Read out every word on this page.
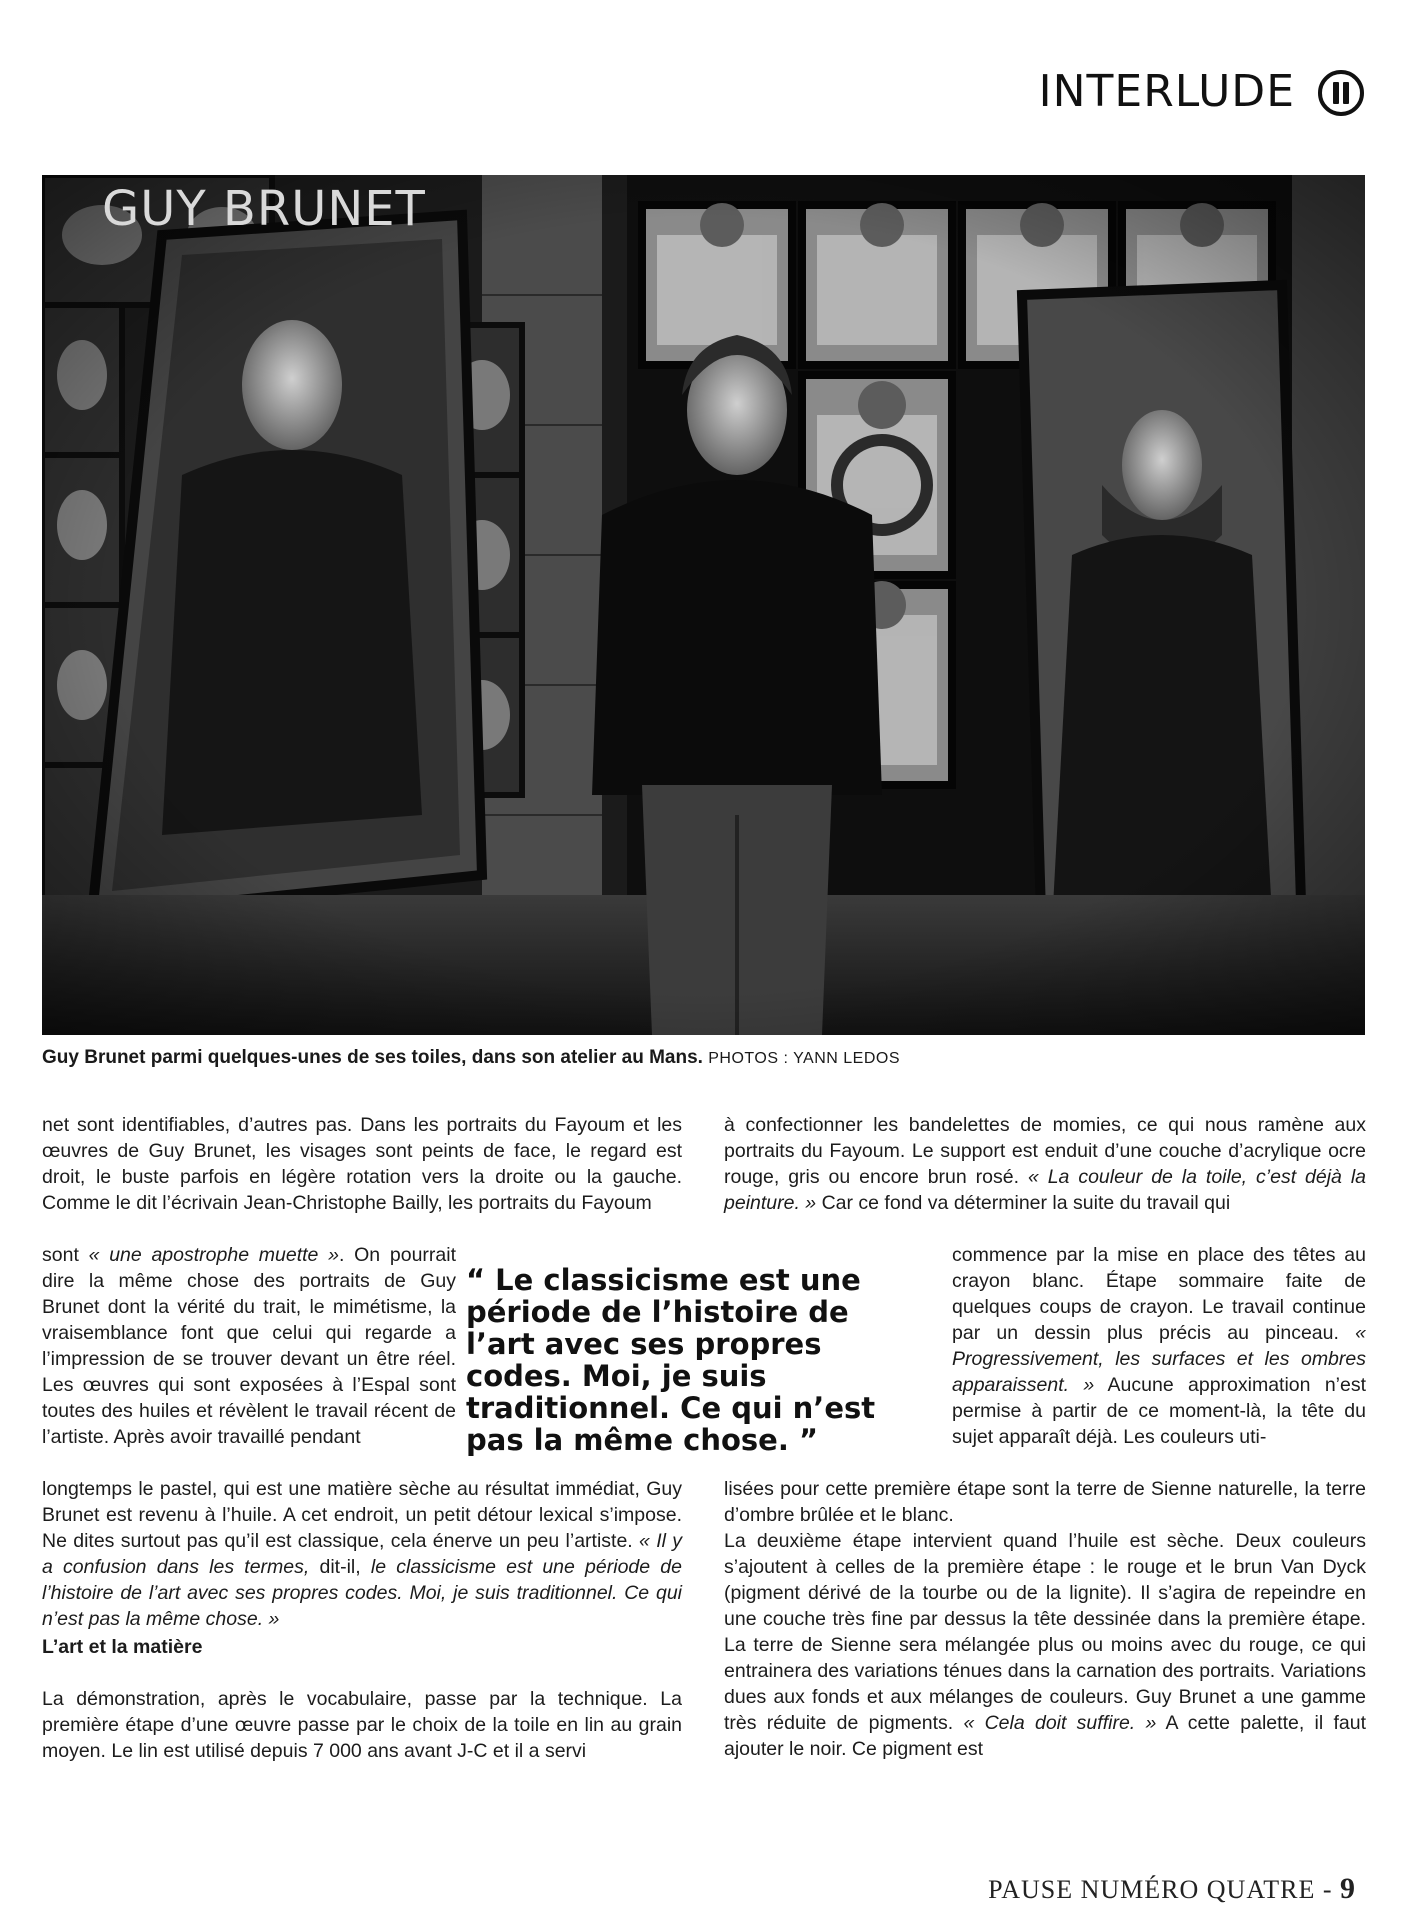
INTERLUDE
GUY BRUNET
Guy Brunet parmi quelques-unes de ses toiles, dans son atelier au Mans. PHOTOS : YANN LEDOS

net sont identifiables, d’autres pas. Dans les portraits du Fayoum et les œuvres de Guy Brunet, les visages sont peints de face, le regard est droit, le buste parfois en légère rotation vers la droite ou la gauche. Comme le dit l’écrivain Jean-Christophe Bailly, les portraits du Fayoum

sont « une apostrophe muette ». On pourrait dire la même chose des portraits de Guy Brunet dont la vérité du trait, le mimétisme, la vraisemblance font que celui qui regarde a l’impression de se trouver devant un être réel. Les œuvres qui sont exposées à l’Espal sont toutes des huiles et révèlent le travail récent de l’artiste. Après avoir travaillé pendant

longtemps le pastel, qui est une matière sèche au résultat immédiat, Guy Brunet est revenu à l’huile. A cet endroit, un petit détour lexical s’impose. Ne dites surtout pas qu’il est classique, cela énerve un peu l’artiste. « Il y a confusion dans les termes, dit-il, le classicisme est une période de l’histoire de l’art avec ses propres codes. Moi, je suis traditionnel. Ce qui n’est pas la même chose. »

L’art et la matière

La démonstration, après le vocabulaire, passe par la technique. La première étape d’une œuvre passe par le choix de la toile en lin au grain moyen. Le lin est utilisé depuis 7 000 ans avant J-C et il a servi

“ Le classicisme est une période de l’histoire de l’art avec ses propres codes. Moi, je suis traditionnel. Ce qui n’est pas la même chose. ”

à confectionner les bandelettes de momies, ce qui nous ramène aux portraits du Fayoum. Le support est enduit d’une couche d’acrylique ocre rouge, gris ou encore brun rosé. « La couleur de la toile, c’est déjà la peinture. » Car ce fond va déterminer la suite du travail qui

commence par la mise en place des têtes au crayon blanc. Étape sommaire faite de quelques coups de crayon. Le travail continue par un dessin plus précis au pinceau. « Progressivement, les surfaces et les ombres apparaissent. » Aucune approximation n’est permise à partir de ce moment-là, la tête du sujet apparaît déjà. Les couleurs uti-

lisées pour cette première étape sont la terre de Sienne naturelle, la terre d’ombre brûlée et le blanc.

La deuxième étape intervient quand l’huile est sèche. Deux couleurs s’ajoutent à celles de la première étape : le rouge et le brun Van Dyck (pigment dérivé de la tourbe ou de la lignite). Il s’agira de repeindre en une couche très fine par dessus la tête dessinée dans la première étape. La terre de Sienne sera mélangée plus ou moins avec du rouge, ce qui entrainera des variations ténues dans la carnation des portraits. Variations dues aux fonds et aux mélanges de couleurs. Guy Brunet a une gamme très réduite de pigments. « Cela doit suffire. » A cette palette, il faut ajouter le noir. Ce pigment est

PAUSE NUMÉRO QUATRE - 9
